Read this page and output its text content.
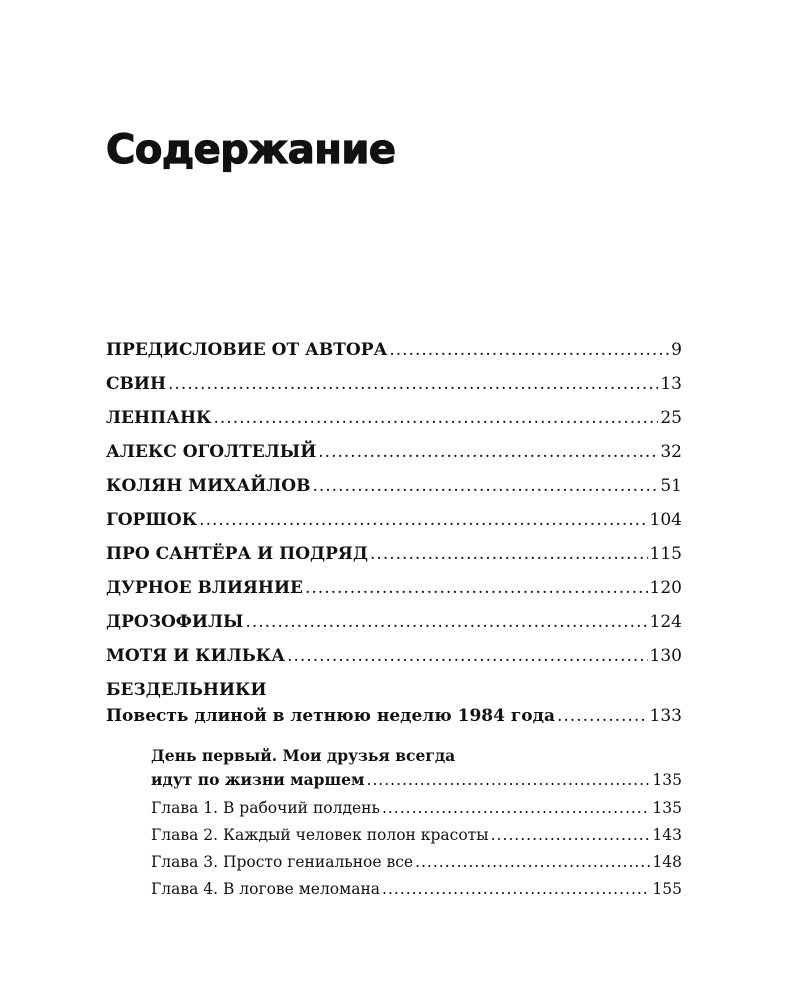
Содержание
ПРЕДИСЛОВИЕ ОТ АВТОРА .....	9
СВИН .....	13
ЛЕНПАНК .....	25
АЛЕКС ОГОЛТЕЛЫЙ .....	32
КОЛЯН МИХАЙЛОВ .....	51
ГОРШОК .....	104
ПРО САНТЁРА И ПОДРЯД .....	115
ДУРНОЕ ВЛИЯНИЕ .....	120
ДРОЗОФИЛЫ .....	124
МОТЯ И КИЛЬКА .....	130
БЕЗДЕЛЬНИКИ
Повесть длиной в летнюю неделю 1984 года .....	133
День первый. Мои друзья всегда
идут по жизни маршем .....	135
Глава 1. В рабочий полдень .....	135
Глава 2. Каждый человек полон красоты .....	143
Глава 3. Просто гениальное все .....	148
Глава 4. В логове меломана .....	155
